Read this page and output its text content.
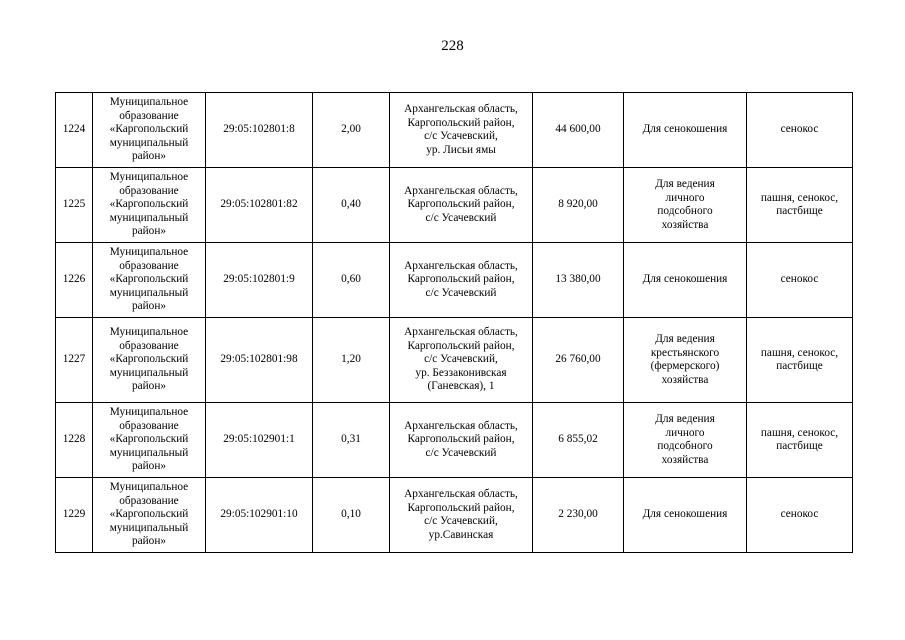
228
1224	Муниципальное
образование
«Каргопольский
муниципальный
район»	29:05:102801:8	2,00	Архангельская область,
Каргопольский район,
с/с Усачевский,
ур. Лисьи ямы	44 600,00	Для сенокошения	сенокос

1225	Муниципальное
образование
«Каргопольский
муниципальный
район»	29:05:102801:82	0,40	Архангельская область,
Каргопольский район,
с/с Усачевский	8 920,00	Для ведения
личного
подсобного
хозяйства	пашня, сенокос,
пастбище

1226	Муниципальное
образование
«Каргопольский
муниципальный
район»	29:05:102801:9	0,60	Архангельская область,
Каргопольский район,
с/с Усачевский	13 380,00	Для сенокошения	сенокос

1227	Муниципальное
образование
«Каргопольский
муниципальный
район»	29:05:102801:98	1,20	Архангельская область,
Каргопольский район,
с/с Усачевский,
ур. Беззаконивская
(Ганевская), 1	26 760,00	Для ведения
крестьянского
(фермерского)
хозяйства	пашня, сенокос,
пастбище

1228	Муниципальное
образование
«Каргопольский
муниципальный
район»	29:05:102901:1	0,31	Архангельская область,
Каргопольский район,
с/с Усачевский	6 855,02	Для ведения
личного
подсобного
хозяйства	пашня, сенокос,
пастбище

1229	Муниципальное
образование
«Каргопольский
муниципальный
район»	29:05:102901:10	0,10	Архангельская область,
Каргопольский район,
с/с Усачевский,
ур.Савинская	2 230,00	Для сенокошения	сенокос
